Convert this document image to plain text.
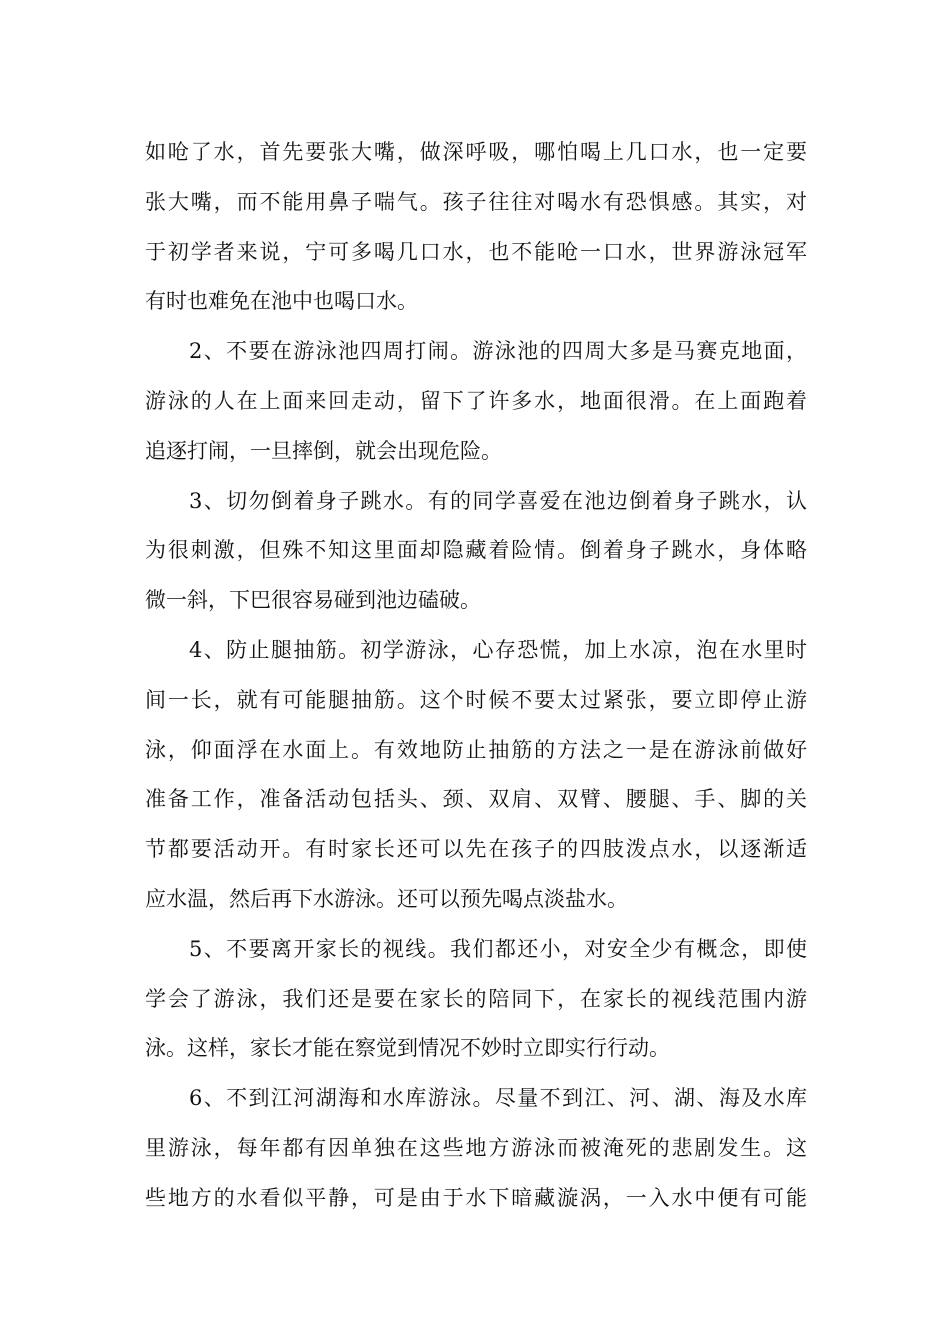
如呛了水，首先要张大嘴，做深呼吸，哪怕喝上几口水，也一定要
张大嘴，而不能用鼻子喘气。孩子往往对喝水有恐惧感。其实，对
于初学者来说，宁可多喝几口水，也不能呛一口水，世界游泳冠军
有时也难免在池中也喝口水。
2、不要在游泳池四周打闹。游泳池的四周大多是马赛克地面，
游泳的人在上面来回走动，留下了许多水，地面很滑。在上面跑着
追逐打闹，一旦摔倒，就会出现危险。
3、切勿倒着身子跳水。有的同学喜爱在池边倒着身子跳水，认
为很刺激，但殊不知这里面却隐藏着险情。倒着身子跳水，身体略
微一斜，下巴很容易碰到池边磕破。
4、防止腿抽筋。初学游泳，心存恐慌，加上水凉，泡在水里时
间一长，就有可能腿抽筋。这个时候不要太过紧张，要立即停止游
泳，仰面浮在水面上。有效地防止抽筋的方法之一是在游泳前做好
准备工作，准备活动包括头、颈、双肩、双臂、腰腿、手、脚的关
节都要活动开。有时家长还可以先在孩子的四肢泼点水，以逐渐适
应水温，然后再下水游泳。还可以预先喝点淡盐水。
5、不要离开家长的视线。我们都还小，对安全少有概念，即使
学会了游泳，我们还是要在家长的陪同下，在家长的视线范围内游
泳。这样，家长才能在察觉到情况不妙时立即实行行动。
6、不到江河湖海和水库游泳。尽量不到江、河、湖、海及水库
里游泳，每年都有因单独在这些地方游泳而被淹死的悲剧发生。这
些地方的水看似平静，可是由于水下暗藏漩涡，一入水中便有可能
